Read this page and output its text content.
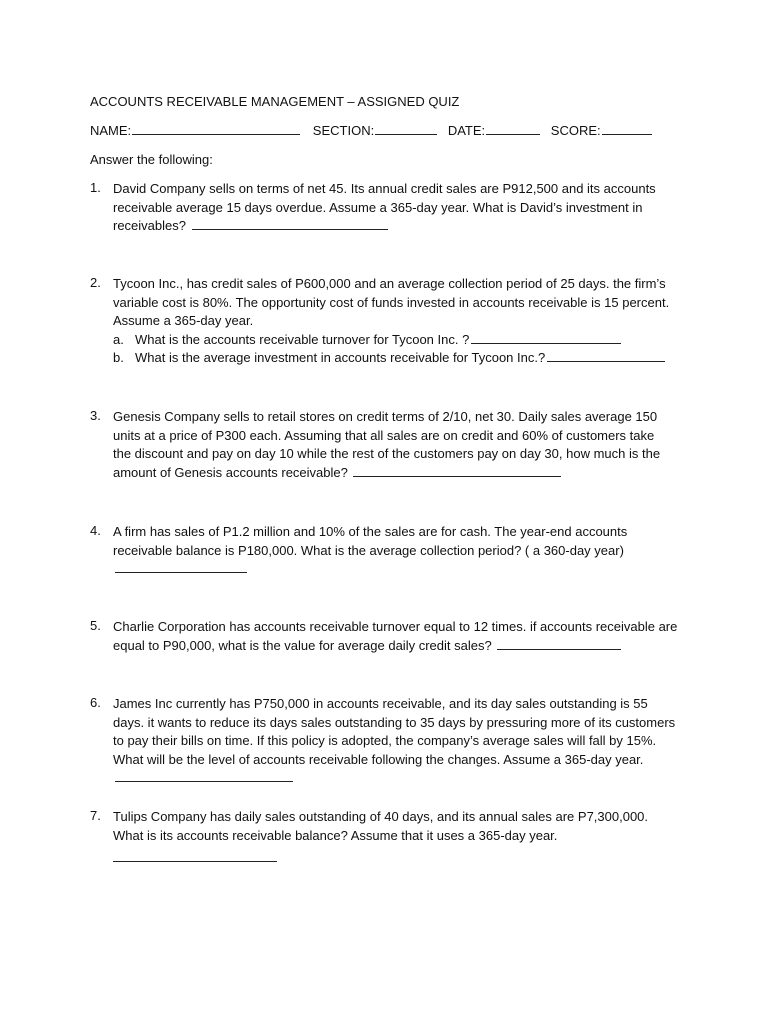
ACCOUNTS RECEIVABLE MANAGEMENT – ASSIGNED QUIZ
NAME:	SECTION:	DATE:	SCORE:
Answer the following:
1. David Company sells on terms of net 45. Its annual credit sales are P912,500 and its accounts receivable average 15 days overdue. Assume a 365-day year. What is David’s investment in receivables?
2. Tycoon Inc., has credit sales of P600,000 and an average collection period of 25 days. the firm’s variable cost is 80%. The opportunity cost of funds invested in accounts receivable is 15 percent. Assume a 365-day year.
a. What is the accounts receivable turnover for Tycoon Inc. ?
b. What is the average investment in accounts receivable for Tycoon Inc.?
3. Genesis Company sells to retail stores on credit terms of 2/10, net 30. Daily sales average 150 units at a price of P300 each. Assuming that all sales are on credit and 60% of customers take the discount and pay on day 10 while the rest of the customers pay on day 30, how much is the amount of Genesis accounts receivable?
4. A firm has sales of P1.2 million and 10% of the sales are for cash. The year-end accounts receivable balance is P180,000. What is the average collection period? ( a 360-day year)
5. Charlie Corporation has accounts receivable turnover equal to 12 times. if accounts receivable are equal to P90,000, what is the value for average daily credit sales?
6. James Inc currently has P750,000 in accounts receivable, and its day sales outstanding is 55 days. it wants to reduce its days sales outstanding to 35 days by pressuring more of its customers to pay their bills on time. If this policy is adopted, the company’s average sales will fall by 15%. What will be the level of accounts receivable following the changes. Assume a 365-day year.
7. Tulips Company has daily sales outstanding of 40 days, and its annual sales are P7,300,000. What is its accounts receivable balance? Assume that it uses a 365-day year.
